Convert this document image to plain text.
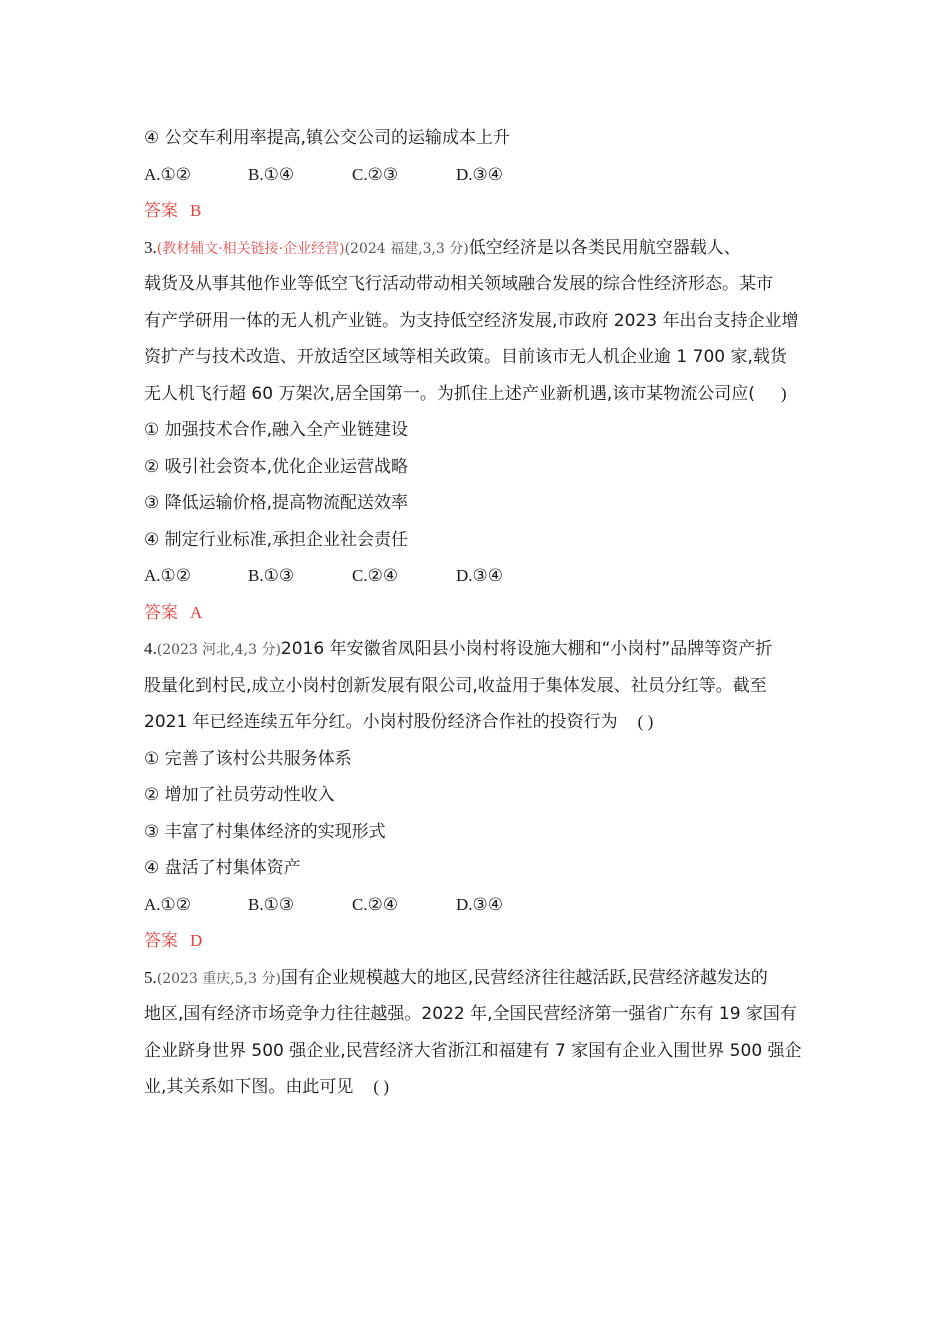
④ 公交车利用率提高,镇公交公司的运输成本上升
A.①②	B.①④	C.②③	D.③④
答案 B
3.(教材辅文·相关链接·企业经营)(2024 福建,3,3 分)低空经济是以各类民用航空器载人、
载货及从事其他作业等低空飞行活动带动相关领域融合发展的综合性经济形态。某市
有产学研用一体的无人机产业链。为支持低空经济发展,市政府 2023 年出台支持企业增
资扩产与技术改造、开放适空区域等相关政策。目前该市无人机企业逾 1 700 家,载货
无人机飞行超 60 万架次,居全国第一。为抓住上述产业新机遇,该市某物流公司应( )
① 加强技术合作,融入全产业链建设
② 吸引社会资本,优化企业运营战略
③ 降低运输价格,提高物流配送效率
④ 制定行业标准,承担企业社会责任
A.①②	B.①③	C.②④	D.③④
答案 A
4.(2023 河北,4,3 分)2016 年安徽省凤阳县小岗村将设施大棚和“小岗村”品牌等资产折
股量化到村民,成立小岗村创新发展有限公司,收益用于集体发展、社员分红等。截至
2021 年已经连续五年分红。小岗村股份经济合作社的投资行为 ( )
① 完善了该村公共服务体系
② 增加了社员劳动性收入
③ 丰富了村集体经济的实现形式
④ 盘活了村集体资产
A.①②	B.①③	C.②④	D.③④
答案 D
5.(2023 重庆,5,3 分)国有企业规模越大的地区,民营经济往往越活跃,民营经济越发达的
地区,国有经济市场竞争力往往越强。2022 年,全国民营经济第一强省广东有 19 家国有
企业跻身世界 500 强企业,民营经济大省浙江和福建有 7 家国有企业入围世界 500 强企
业,其关系如下图。由此可见 ( )
